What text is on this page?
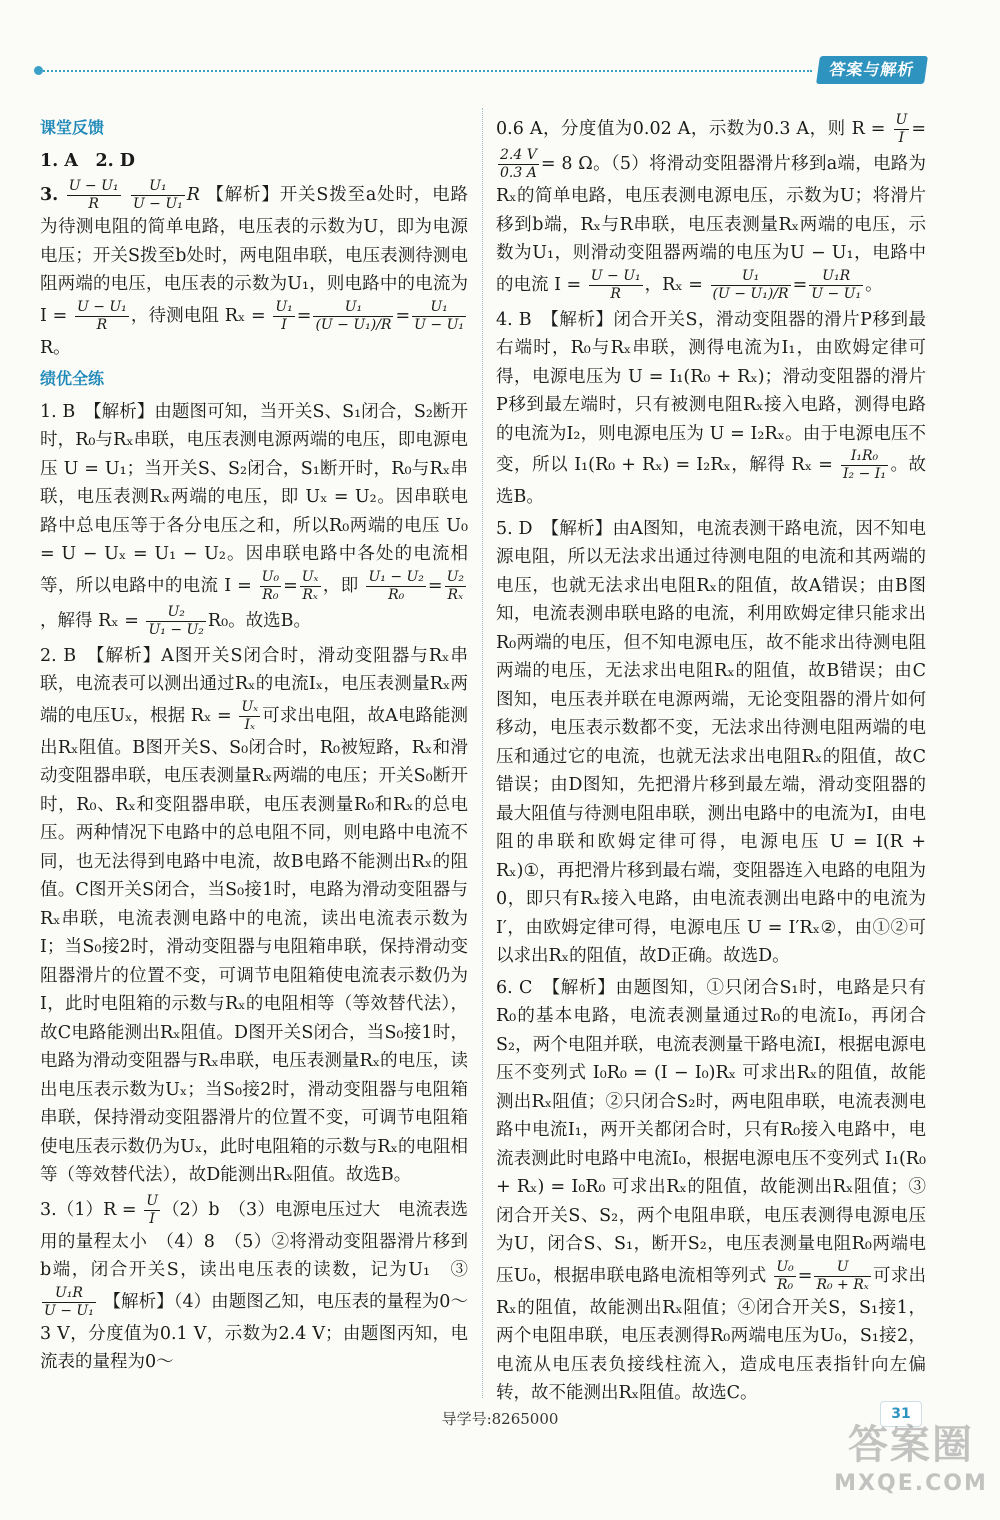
答案与解析
课堂反馈
1. A　2. D
3. $\frac{\text{U − U₁}}{R}$
$\frac{\text{U₁}}{\text{U − U₁}}$ R 【解析】开关S拨至a处时，电路为待测电阻的简单电路，电压表的示数为U，即为电源电压；开关S拨至b处时，两电阻串联，电压表测待测电阻两端的电压，电压表的示数为U₁，则电路中的电流为 $I = \frac{\text{U − U₁}}{R}$ ，待测电阻 $R_x = \frac{\text{U₁}}{I} = \frac{\text{U₁}}{\text{(U − U₁)/R}} = \frac{\text{U₁}}{\text{U − U₁}}$
R。
绩优全练
1. B　【解析】由题图可知，当开关S、S₁闭合，S₂断开时，R₀与Rₓ串联，电压表测电源两端的电压，即电源电压 U = U₁；当开关S、S₂闭合，S₁断开时，R₀与Rₓ串联，电压表测Rₓ两端的电压，即 Uₓ = U₂。因串联电路中总电压等于各分电压之和，所以R₀两端的电压 U₀ = U − Uₓ = U₁ − U₂。因串联电路中各处的电流相等，所以电路中的电流 $I = \frac{\text{U₀}}{\text{R₀}} = \frac{\text{Uₓ}}{\text{Rₓ}}$ ，即 $\frac{\text{U₁ − U₂}}{\text{R₀}} = \frac{\text{U₂}}{\text{Rₓ}}$
，解得 $R_x = \frac{\text{U₂}}{\text{U₁ − U₂}} R_0$。故选B。
2. B　【解析】A图开关S闭合时，滑动变阻器与Rₓ串联，电流表可以测出通过Rₓ的电流Iₓ，电压表测量Rₓ两端的电压Uₓ，根据 $R_x = \frac{\text{Uₓ}}{\text{Iₓ}}$ 可求出电阻，故A电路能测出Rₓ阻值。B图开关S、S₀闭合时，R₀被短路，Rₓ和滑动变阻器串联，电压表测量Rₓ两端的电压；开关S₀断开时，R₀、Rₓ和变阻器串联，电压表测量R₀和Rₓ的总电压。两种情况下电路中的总电阻不同，则电路中电流不同，也无法得到电路中电流，故B电路不能测出Rₓ的阻值。C图开关S闭合，当S₀接1时，电路为滑动变阻器与Rₓ串联，电流表测电路中的电流，读出电流表示数为I；当S₀接2时，滑动变阻器与电阻箱串联，保持滑动变阻器滑片的位置不变，可调节电阻箱使电流表示数仍为I，此时电阻箱的示数与Rₓ的电阻相等（等效替代法），故C电路能测出Rₓ阻值。D图开关S闭合，当S₀接1时，电路为滑动变阻器与Rₓ串联，电压表测量Rₓ的电压，读出电压表示数为Uₓ；当S₀接2时，滑动变阻器与电阻箱串联，保持滑动变阻器滑片的位置不变，可调节电阻箱使电压表示数仍为Uₓ，此时电阻箱的示数与Rₓ的电阻相等（等效替代法），故D能测出Rₓ阻值。故选B。
$3.(1)R = \frac{U}{I} (2)b$　（3）电源电压过大　电流表选用的量程太小　（4）8　（5）②将滑动变阻器滑片移到b端，闭合开关S，读出电压表的读数，记为U₁　③
$\frac{\text{U₁R}}{\text{U − U₁}}$ 【解析】（4）由题图乙知，电压表的量程为0～3 V，分度值为0.1 V，示数为2.4 V；由题图丙知，电流表的量程为0～
0.6 A，分度值为0.02 A，示数为0.3 A，则 $R = \frac{U}{I}$ =
$\frac{2.4 V}{0.3 A} = 8$ Ω。（5）将滑动变阻器滑片移到a端，电路为Rₓ的简单电路，电压表测电源电压，示数为U；将滑片移到b端，Rₓ与R串联，电压表测量Rₓ两端的电压，示数为U₁，则滑动变阻器两端的电压为U − U₁，电路中的电流 $I = \frac{\text{U − U₁}}{R}$ ，$R_x = \frac{\text{U₁}}{\text{(U − U₁)/R}} = \frac{\text{U₁R}}{\text{U − U₁}}$ 。
4. B　【解析】闭合开关S，滑动变阻器的滑片P移到最右端时，R₀与Rₓ串联，测得电流为I₁，由欧姆定律可得，电源电压为 U = I₁(R₀ + Rₓ)；滑动变阻器的滑片P移到最左端时，只有被测电阻Rₓ接入电路，测得电路的电流为I₂，则电源电压为 U = I₂Rₓ。由于电源电压不变，所以 I₁(R₀ + Rₓ) = I₂Rₓ，解得 $R_x = \frac{\text{I₁R₀}}{\text{I₂ − I₁}}$ 。故选B。
5. D　【解析】由A图知，电流表测干路电流，因不知电源电阻，所以无法求出通过待测电阻的电流和其两端的电压，也就无法求出电阻Rₓ的阻值，故A错误；由B图知，电流表测串联电路的电流，利用欧姆定律只能求出R₀两端的电压，但不知电源电压，故不能求出待测电阻两端的电压，无法求出电阻Rₓ的阻值，故B错误；由C图知，电压表并联在电源两端，无论变阻器的滑片如何移动，电压表示数都不变，无法求出待测电阻两端的电压和通过它的电流，也就无法求出电阻Rₓ的阻值，故C错误；由D图知，先把滑片移到最左端，滑动变阻器的最大阻值与待测电阻串联，测出电路中的电流为I，由电阻的串联和欧姆定律可得，电源电压 U = I(R + Rₓ)①，再把滑片移到最右端，变阻器连入电路的电阻为0，即只有Rₓ接入电路，由电流表测出电路中的电流为I′，由欧姆定律可得，电源电压 U = I′Rₓ②，由①②可以求出Rₓ的阻值，故D正确。故选D。
6. C　【解析】由题图知，①只闭合S₁时，电路是只有R₀的基本电路，电流表测量通过R₀的电流I₀，再闭合S₂，两个电阻并联，电流表测量干路电流I，根据电源电压不变列式 I₀R₀ = (I − I₀)Rₓ 可求出Rₓ的阻值，故能测出Rₓ阻值；②只闭合S₂时，两电阻串联，电流表测电路中电流I₁，两开关都闭合时，只有R₀接入电路中，电流表测此时电路中电流I₀，根据电源电压不变列式 I₁(R₀ + Rₓ) = I₀R₀ 可求出Rₓ的阻值，故能测出Rₓ阻值；③闭合开关S、S₂，两个电阻串联，电压表测得电源电压为U，闭合S、S₁，断开S₂，电压表测量电阻R₀两端电压U₀，根据串联电路电流相等列式 $\frac{\text{U₀}}{\text{R₀}} = \frac{U}{\text{R₀ + Rₓ}}$ 可求出Rₓ的阻值，故能测出Rₓ阻值；④闭合开关S，S₁接1，两个电阻串联，电压表测得R₀两端电压为U₀，S₁接2，电流从电压表负接线柱流入，造成电压表指针向左偏转，故不能测出Rₓ阻值。故选C。
导学号:8265000	31
答案圈
MXQE.COM
